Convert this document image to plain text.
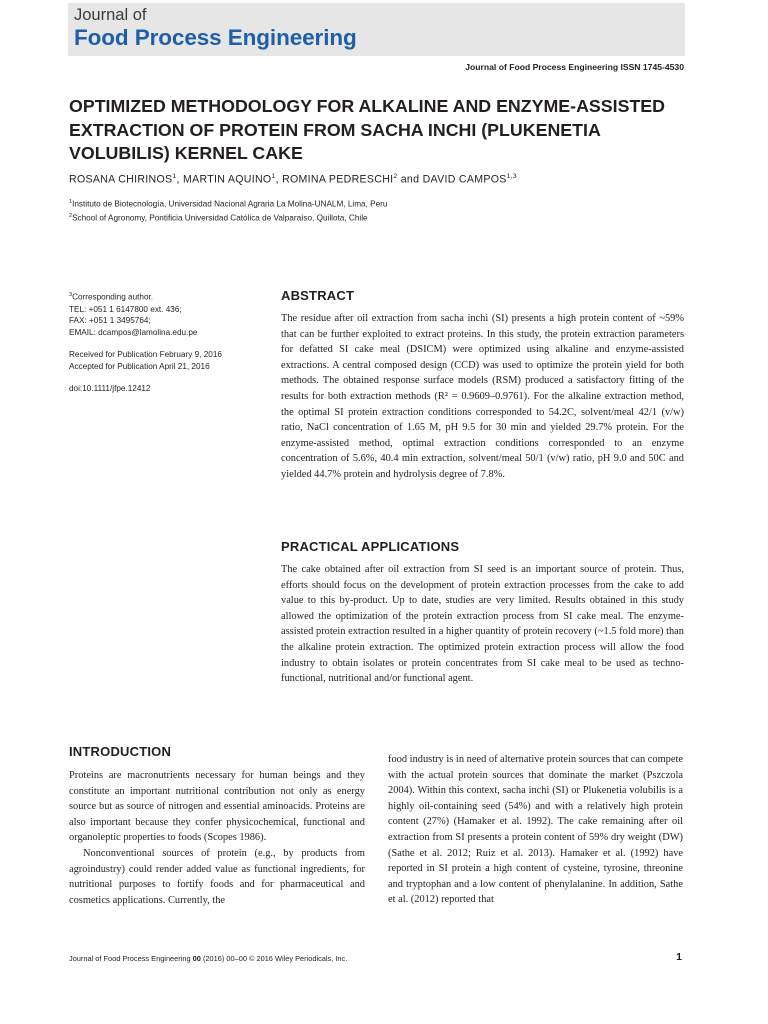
Journal of
Food Process Engineering
Journal of Food Process Engineering ISSN 1745-4530
OPTIMIZED METHODOLOGY FOR ALKALINE AND ENZYME-ASSISTED EXTRACTION OF PROTEIN FROM SACHA INCHI (PLUKENETIA VOLUBILIS) KERNEL CAKE
ROSANA CHIRINOS$^1$, MARTIN AQUINO$^1$, ROMINA PEDRESCHI$^2$ and DAVID CAMPOS$^{1,3}$
$^1$Instituto de Biotecnología, Universidad Nacional Agraria La Molina-UNALM, Lima, Peru
$^2$School of Agronomy, Pontificia Universidad Católica de Valparaíso, Quillota, Chile
$^3$Corresponding author.
TEL: +051 1 6147800 ext. 436;
FAX: +051 1 3495764;
EMAIL: dcampos@lamolina.edu.pe
Received for Publication February 9, 2016
Accepted for Publication April 21, 2016
doi:10.1111/jfpe.12412
ABSTRACT

The residue after oil extraction from sacha inchi (SI) presents a high protein content of ~59% that can be further exploited to extract proteins. In this study, the protein extraction parameters for defatted SI cake meal (DSICM) were optimized using alkaline and enzyme-assisted extractions. A central composed design (CCD) was used to optimize the protein yield for both methods. The obtained response surface models (RSM) produced a satisfactory fitting of the results for both extraction methods (R² = 0.9609–0.9761). For the alkaline extraction method, the optimal SI protein extraction conditions corresponded to 54.2C, solvent/meal 42/1 (v/w) ratio, NaCl concentration of 1.65 M, pH 9.5 for 30 min and yielded 29.7% protein. For the enzyme-assisted method, optimal extraction conditions corresponded to an enzyme concentration of 5.6%, 40.4 min extraction, solvent/meal 50/1 (v/w) ratio, pH 9.0 and 50C and yielded 44.7% protein and hydrolysis degree of 7.8%.

PRACTICAL APPLICATIONS

The cake obtained after oil extraction from SI seed is an important source of protein. Thus, efforts should focus on the development of protein extraction processes from the cake to add value to this by-product. Up to date, studies are very limited. Results obtained in this study allowed the optimization of the protein extraction process from SI cake meal. The enzyme-assisted protein extraction resulted in a higher quantity of protein recovery (~1.5 fold more) than the alkaline protein extraction. The optimized protein extraction process will allow the food industry to obtain isolates or protein concentrates from SI cake meal to be used as techno-functional, nutritional and/or functional agent.

INTRODUCTION
Proteins are macronutrients necessary for human beings and they constitute an important nutritional contribution not only as energy source but as source of nitrogen and essential aminoacids. Proteins are also important because they confer physicochemical, functional and organoleptic properties to foods (Scopes 1986).
Nonconventional sources of protein (e.g., by products from agroindustry) could render added value as functional ingredients, for nutritional purposes to fortify foods and for pharmaceutical and cosmetics applications. Currently, the
food industry is in need of alternative protein sources that can compete with the actual protein sources that dominate the market (Pszczola 2004). Within this context, sacha inchi (SI) or Plukenetia volubilis is a highly oil-containing seed (54%) and with a relatively high protein content (27%) (Hamaker et al. 1992). The cake remaining after oil extraction from SI presents a protein content of 59% dry weight (DW) (Sathe et al. 2012; Ruiz et al. 2013). Hamaker et al. (1992) have reported in SI protein a high content of cysteine, tyrosine, threonine and tryptophan and a low content of phenylalanine. In addition, Sathe et al. (2012) reported that
Journal of Food Process Engineering 00 (2016) 00–00 © 2016 Wiley Periodicals, Inc.	1
